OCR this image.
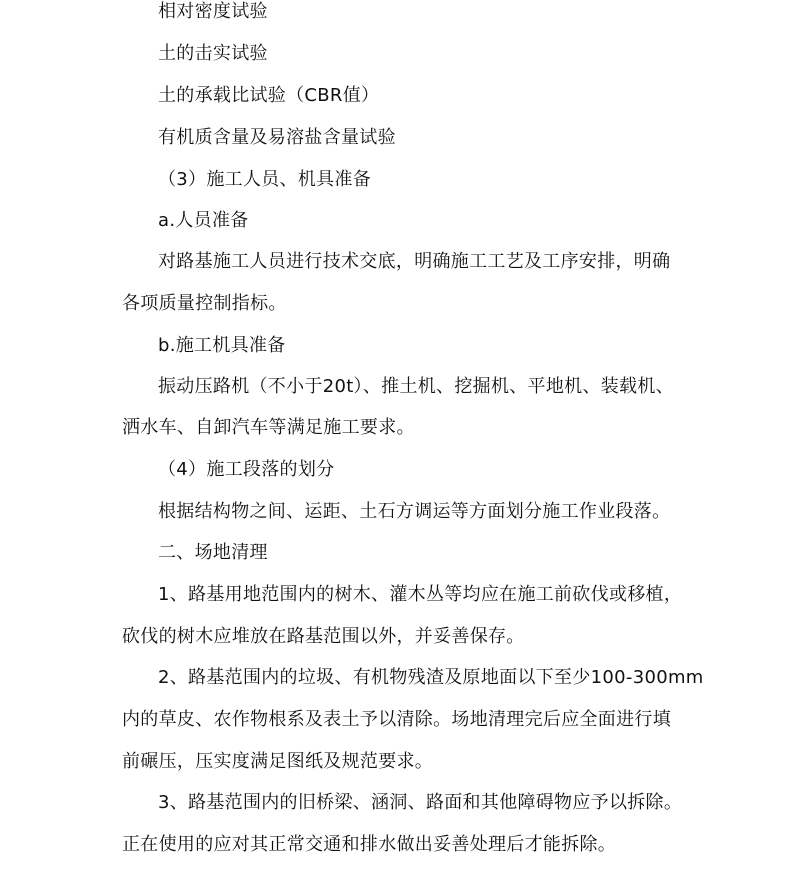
相对密度试验
土的击实试验
土的承载比试验（CBR值）
有机质含量及易溶盐含量试验
（3）施工人员、机具准备
a.人员准备
对路基施工人员进行技术交底，明确施工工艺及工序安排，明确
各项质量控制指标。
b.施工机具准备
振动压路机（不小于20t）、推土机、挖掘机、平地机、装载机、
洒水车、自卸汽车等满足施工要求。
（4）施工段落的划分
根据结构物之间、运距、土石方调运等方面划分施工作业段落。
二、场地清理
1、路基用地范围内的树木、灌木丛等均应在施工前砍伐或移植，
砍伐的树木应堆放在路基范围以外，并妥善保存。
2、路基范围内的垃圾、有机物残渣及原地面以下至少100-300mm
内的草皮、农作物根系及表土予以清除。场地清理完后应全面进行填
前碾压，压实度满足图纸及规范要求。
3、路基范围内的旧桥梁、涵洞、路面和其他障碍物应予以拆除。
正在使用的应对其正常交通和排水做出妥善处理后才能拆除。
